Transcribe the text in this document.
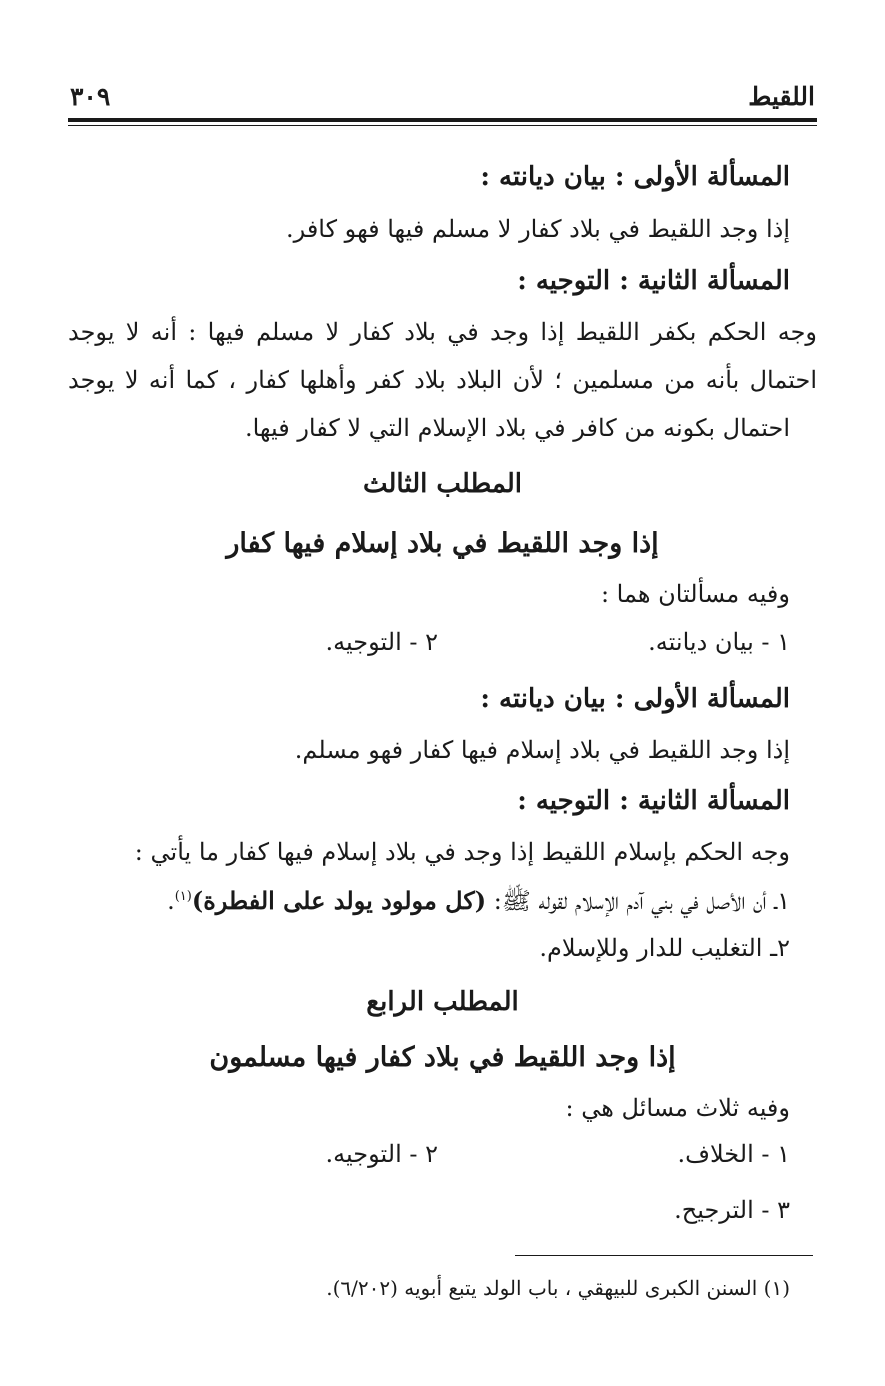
اللقيط
٣٠٩
المسألة الأولى : بيان ديانته :
إذا وجد اللقيط في بلاد كفار لا مسلم فيها فهو كافر.
المسألة الثانية : التوجيه :
وجه الحكم بكفر اللقيط إذا وجد في بلاد كفار لا مسلم فيها : أنه لا يوجد
احتمال بأنه من مسلمين ؛ لأن البلاد بلاد كفر وأهلها كفار ، كما أنه لا يوجد
احتمال بكونه من كافر في بلاد الإسلام التي لا كفار فيها.
المطلب الثالث
إذا وجد اللقيط في بلاد إسلام فيها كفار
وفيه مسألتان هما :
١ - بيان ديانته.
٢ - التوجيه.
المسألة الأولى : بيان ديانته :
إذا وجد اللقيط في بلاد إسلام فيها كفار فهو مسلم.
المسألة الثانية : التوجيه :
وجه الحكم بإسلام اللقيط إذا وجد في بلاد إسلام فيها كفار ما يأتي :
١ـ أن الأصل في بني آدم الإسلام لقوله ﷺ: (كل مولود يولد على الفطرة)$^{(١)}$.
٢ـ التغليب للدار وللإسلام.
المطلب الرابع
إذا وجد اللقيط في بلاد كفار فيها مسلمون
وفيه ثلاث مسائل هي :
١ - الخلاف.
٢ - التوجيه.
٣ - الترجيح.
(١) السنن الكبرى للبيهقي ، باب الولد يتبع أبويه (٦/٢٠٢).
